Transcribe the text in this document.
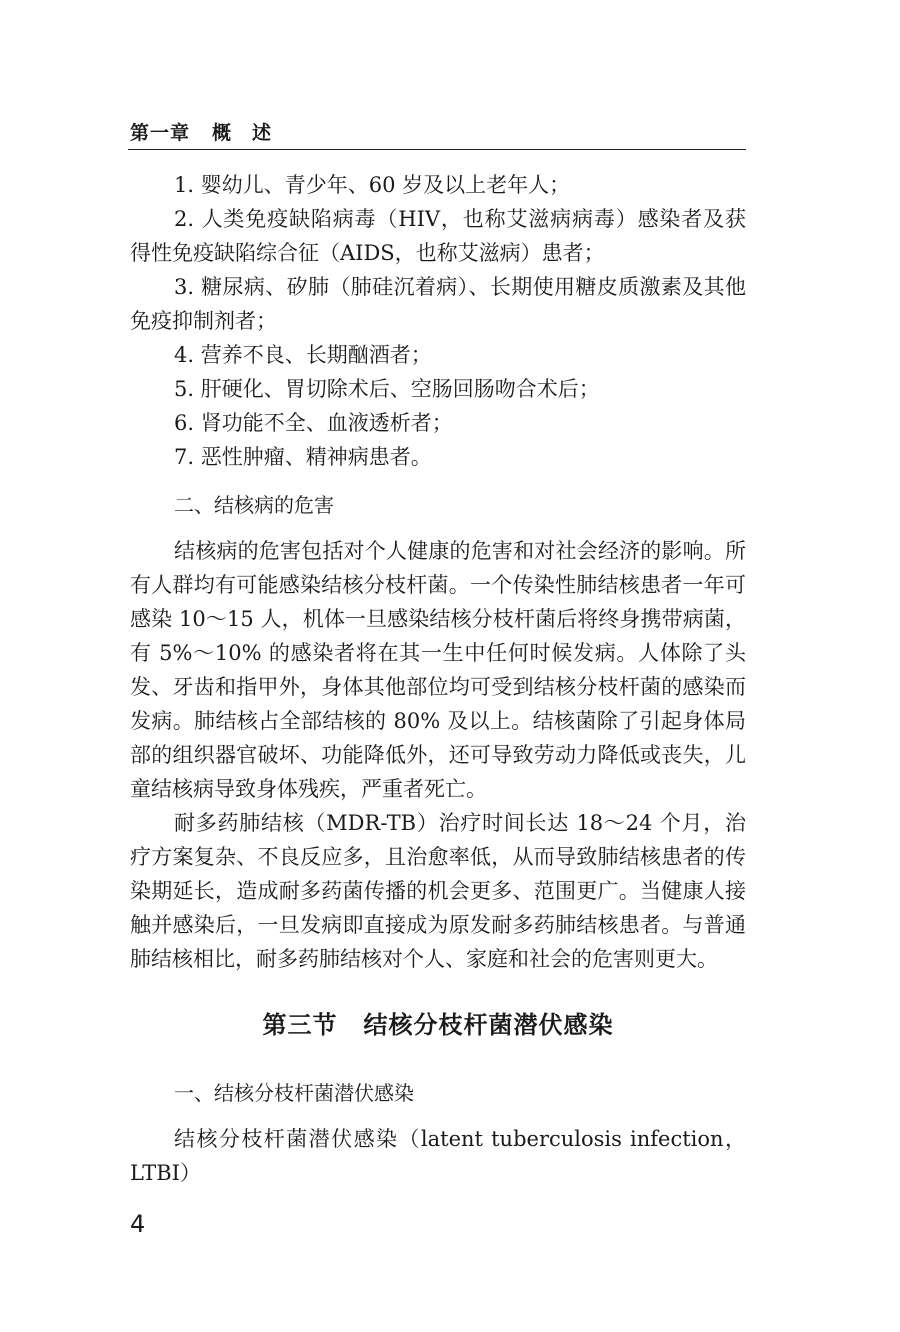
第一章 概　述

1. 婴幼儿、青少年、60 岁及以上老年人；

2. 人类免疫缺陷病毒（HIV，也称艾滋病病毒）感染者及获得性免疫缺陷综合征（AIDS，也称艾滋病）患者；

3. 糖尿病、矽肺（肺硅沉着病）、长期使用糖皮质激素及其他免疫抑制剂者；

4. 营养不良、长期酗酒者；

5. 肝硬化、胃切除术后、空肠回肠吻合术后；

6. 肾功能不全、血液透析者；

7. 恶性肿瘤、精神病患者。

二、结核病的危害

结核病的危害包括对个人健康的危害和对社会经济的影响。所有人群均有可能感染结核分枝杆菌。一个传染性肺结核患者一年可感染 10～15 人，机体一旦感染结核分枝杆菌后将终身携带病菌，有 5%～10% 的感染者将在其一生中任何时候发病。人体除了头发、牙齿和指甲外，身体其他部位均可受到结核分枝杆菌的感染而发病。肺结核占全部结核的 80% 及以上。结核菌除了引起身体局部的组织器官破坏、功能降低外，还可导致劳动力降低或丧失，儿童结核病导致身体残疾，严重者死亡。

耐多药肺结核（MDR-TB）治疗时间长达 18～24 个月，治疗方案复杂、不良反应多，且治愈率低，从而导致肺结核患者的传染期延长，造成耐多药菌传播的机会更多、范围更广。当健康人接触并感染后，一旦发病即直接成为原发耐多药肺结核患者。与普通肺结核相比，耐多药肺结核对个人、家庭和社会的危害则更大。

第三节 结核分枝杆菌潜伏感染
一、结核分枝杆菌潜伏感染

结核分枝杆菌潜伏感染（latent tuberculosis infection，LTBI）

4
